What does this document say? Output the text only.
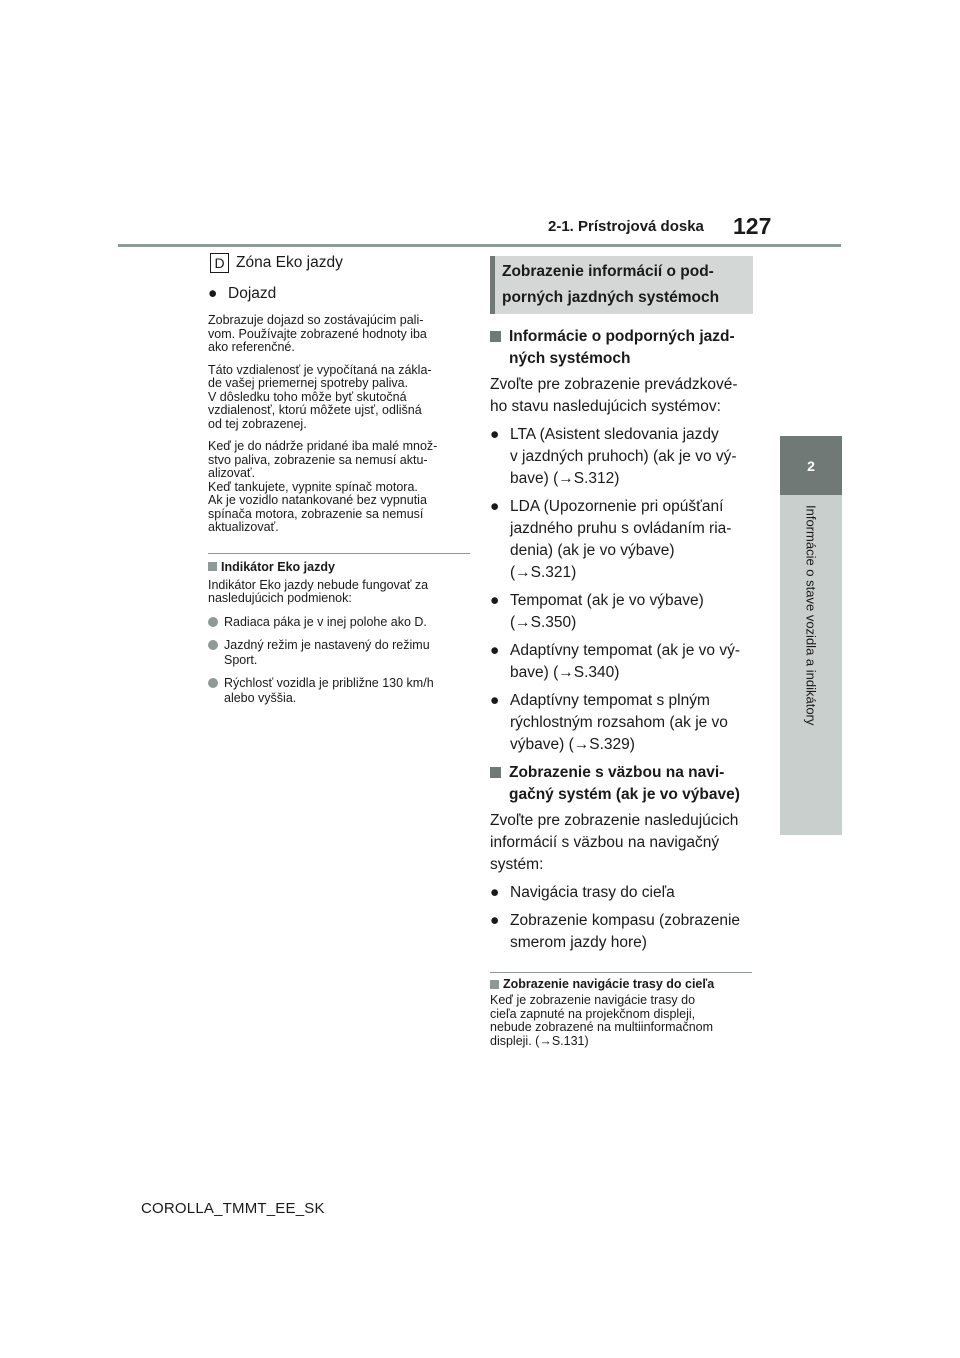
2-1. Prístrojová doska 127
2
Informácie o stave vozidla a indikátory
D Zóna Eko jazdy
● Dojazd
Zobrazuje dojazd so zostávajúcim pali-
vom. Používajte zobrazené hodnoty iba
ako referenčné.
Táto vzdialenosť je vypočítaná na zákla-
de vašej priemernej spotreby paliva.
V dôsledku toho môže byť skutočná
vzdialenosť, ktorú môžete ujsť, odlišná
od tej zobrazenej.
Keď je do nádrže pridané iba malé množ-
stvo paliva, zobrazenie sa nemusí aktu-
alizovať.
Keď tankujete, vypnite spínač motora.
Ak je vozidlo natankované bez vypnutia
spínača motora, zobrazenie sa nemusí
aktualizovať.
Indikátor Eko jazdy
Indikátor Eko jazdy nebude fungovať za
nasledujúcich podmienok:
Radiaca páka je v inej polohe ako D.
Jazdný režim je nastavený do režimu
Sport.
Rýchlosť vozidla je približne 130 km/h
alebo vyššia.
Zobrazenie informácií o pod-
porných jazdných systémoch
Informácie o podporných jazd-
ných systémoch
Zvoľte pre zobrazenie prevádzkové-
ho stavu nasledujúcich systémov:
● LTA (Asistent sledovania jazdy
v jazdných pruhoch) (ak je vo vý-
bave) (→S.312)
● LDA (Upozornenie pri opúšťaní
jazdného pruhu s ovládaním ria-
denia) (ak je vo výbave)
(→S.321)
● Tempomat (ak je vo výbave)
(→S.350)
● Adaptívny tempomat (ak je vo vý-
bave) (→S.340)
● Adaptívny tempomat s plným
rýchlostným rozsahom (ak je vo
výbave) (→S.329)
Zobrazenie s väzbou na navi-
gačný systém (ak je vo výbave)
Zvoľte pre zobrazenie nasledujúcich
informácií s väzbou na navigačný
systém:
● Navigácia trasy do cieľa
● Zobrazenie kompasu (zobrazenie
smerom jazdy hore)
Zobrazenie navigácie trasy do cieľa
Keď je zobrazenie navigácie trasy do
cieľa zapnuté na projekčnom displeji,
nebude zobrazené na multiinformačnom
displeji. (→S.131)
COROLLA_TMMT_EE_SK
